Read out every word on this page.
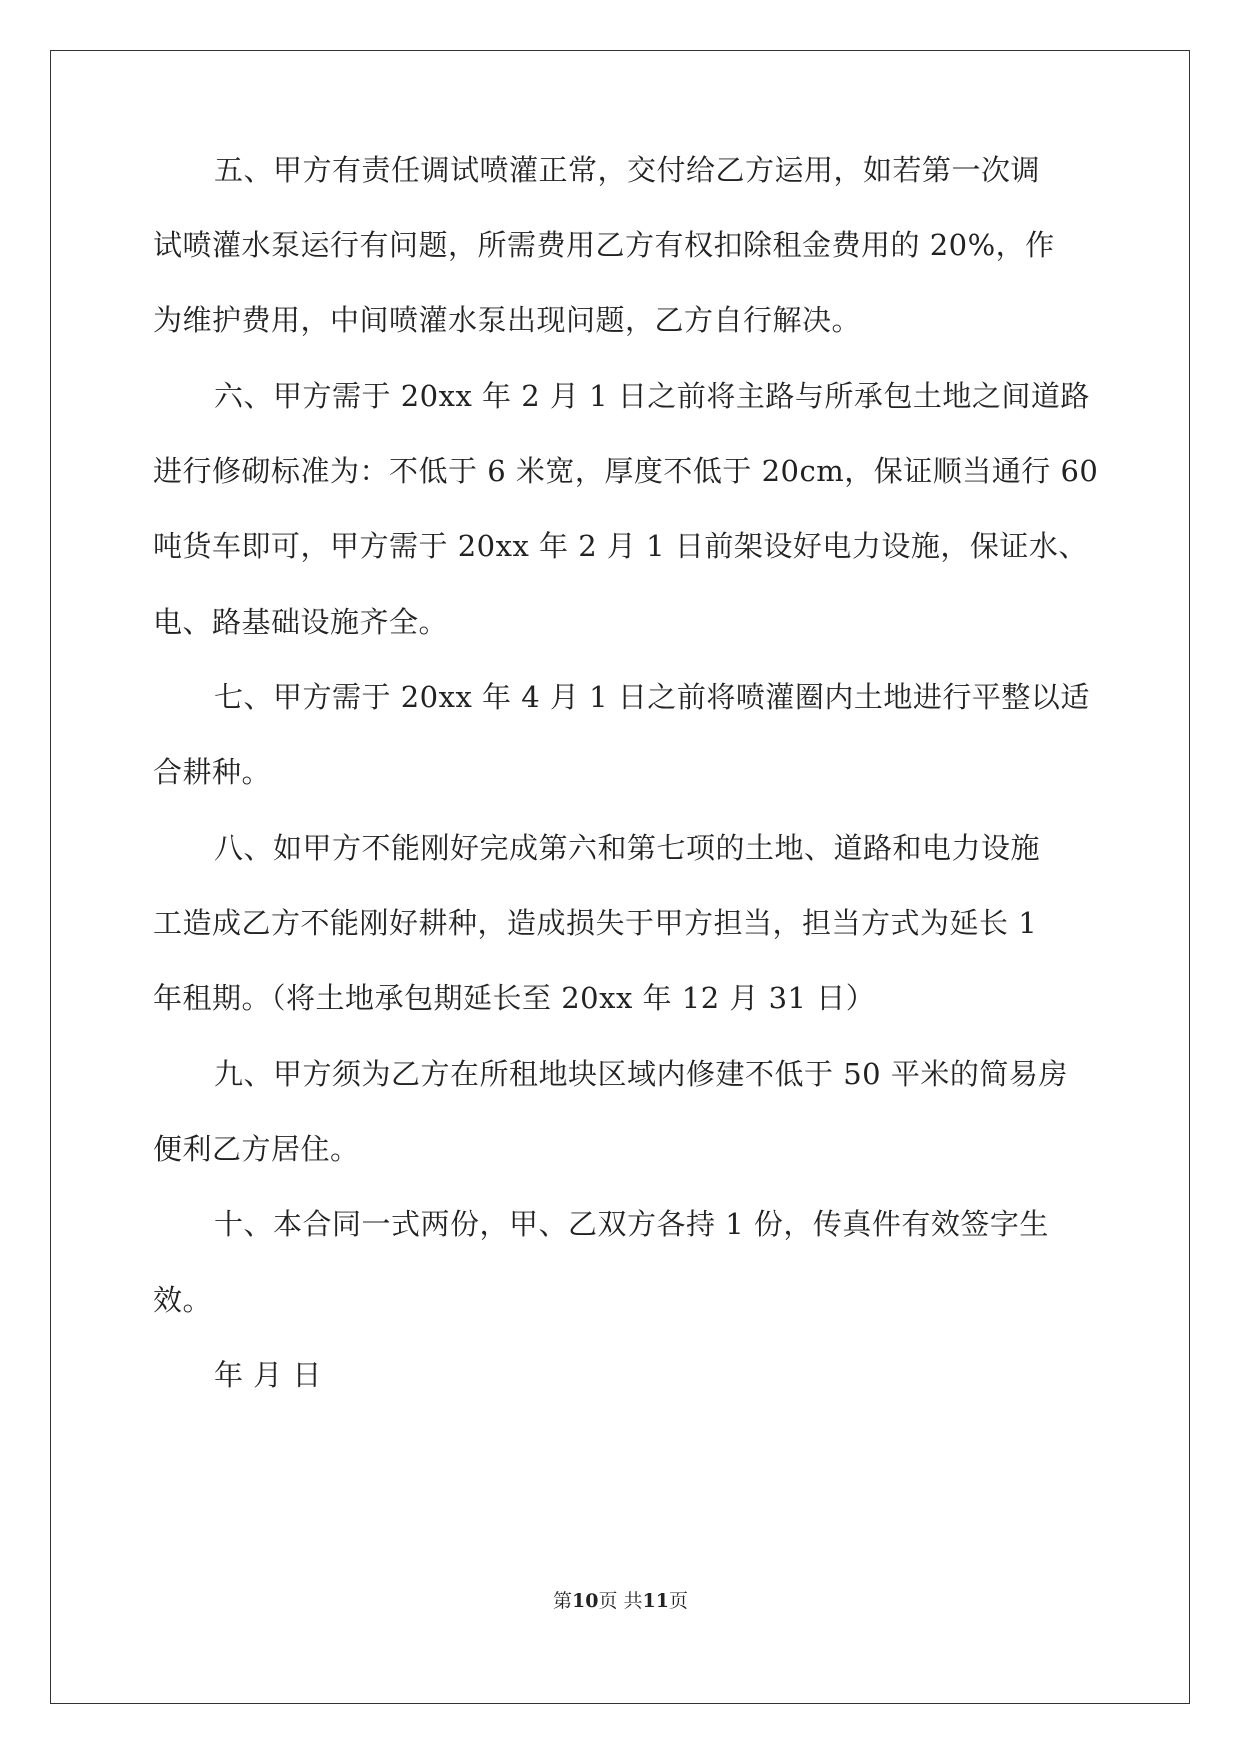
五、甲方有责任调试喷灌正常，交付给乙方运用，如若第一次调
试喷灌水泵运行有问题，所需费用乙方有权扣除租金费用的 20%，作
为维护费用，中间喷灌水泵出现问题，乙方自行解决。
六、甲方需于 20xx 年 2 月 1 日之前将主路与所承包土地之间道路
进行修砌标准为：不低于 6 米宽，厚度不低于 20cm，保证顺当通行 60
吨货车即可，甲方需于 20xx 年 2 月 1 日前架设好电力设施，保证水、
电、路基础设施齐全。
七、甲方需于 20xx 年 4 月 1 日之前将喷灌圈内土地进行平整以适
合耕种。
八、如甲方不能刚好完成第六和第七项的土地、道路和电力设施
工造成乙方不能刚好耕种，造成损失于甲方担当，担当方式为延长 1
年租期。（将土地承包期延长至 20xx 年 12 月 31 日）
九、甲方须为乙方在所租地块区域内修建不低于 50 平米的简易房
便利乙方居住。
十、本合同一式两份，甲、乙双方各持 1 份，传真件有效签字生
效。
年 月 日
第10页 共11页
